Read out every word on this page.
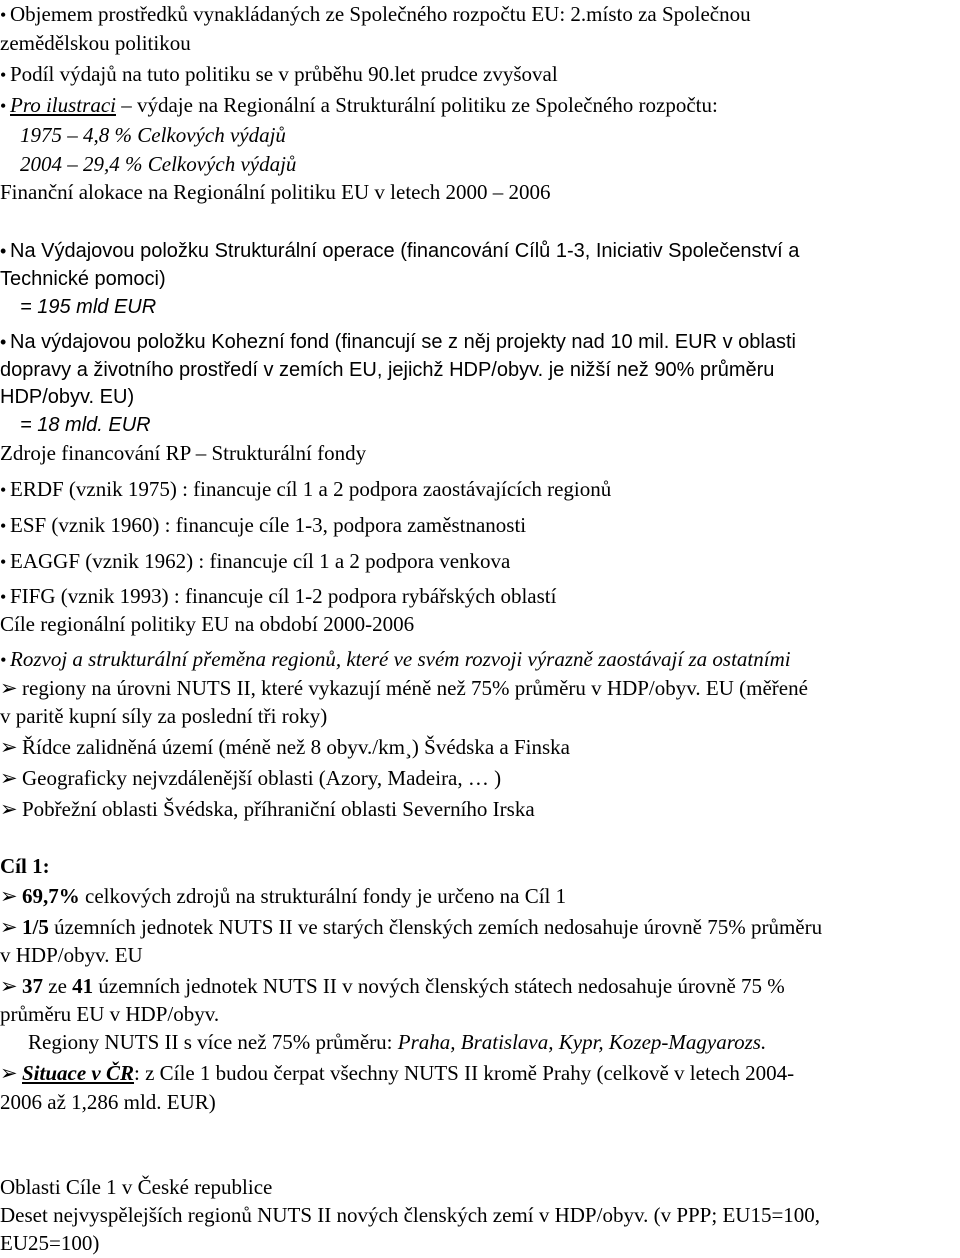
• Objemem prostředků vynakládaných ze Společného rozpočtu EU: 2.místo za Společnou
zemědělskou politikou
• Podíl výdajů na tuto politiku se v průběhu 90.let prudce zvyšoval
• Pro ilustraci – výdaje na Regionální a Strukturální politiku ze Společného rozpočtu:
1975 – 4,8 % Celkových výdajů
2004 – 29,4 % Celkových výdajů
Finanční alokace na Regionální politiku EU v letech 2000 – 2006
• Na Výdajovou položku Strukturální operace (financování Cílů 1-3, Iniciativ Společenství a
Technické pomoci)
= 195 mld EUR
• Na výdajovou položku Kohezní fond (financují se z něj projekty nad 10 mil. EUR v oblasti
dopravy a životního prostředí v zemích EU, jejichž HDP/obyv. je nižší než 90% průměru
HDP/obyv. EU)
= 18 mld. EUR
Zdroje financování RP – Strukturální fondy
• ERDF (vznik 1975) : financuje cíl 1 a 2 podpora zaostávajících regionů
• ESF (vznik 1960) : financuje cíle 1-3, podpora zaměstnanosti
• EAGGF (vznik 1962) : financuje cíl 1 a 2 podpora venkova
• FIFG (vznik 1993) : financuje cíl 1-2 podpora rybářských oblastí
Cíle regionální politiky EU na období 2000-2006
• Rozvoj a strukturální přeměna regionů, které ve svém rozvoji výrazně zaostávají za ostatními
➢ regiony na úrovni NUTS II, které vykazují méně než 75% průměru v HDP/obyv. EU (měřené
v paritě kupní síly za poslední tři roky)
➢ Řídce zalidněná území (méně než 8 obyv./km¸) Švédska a Finska
➢ Geograficky nejvzdálenější oblasti (Azory, Madeira, … )
➢ Pobřežní oblasti Švédska, příhraniční oblasti Severního Irska
Cíl 1:
➢ 69,7% celkových zdrojů na strukturální fondy je určeno na Cíl 1
➢ 1/5 územních jednotek NUTS II ve starých členských zemích nedosahuje úrovně 75% průměru
v HDP/obyv. EU
➢ 37 ze 41 územních jednotek NUTS II v nových členských státech nedosahuje úrovně 75 %
průměru EU v HDP/obyv.
Regiony NUTS II s více než 75% průměru: Praha, Bratislava, Kypr, Kozep-Magyarozs.
➢ Situace v ČR: z Cíle 1 budou čerpat všechny NUTS II kromě Prahy (celkově v letech 2004-
2006 až 1,286 mld. EUR)
Oblasti Cíle 1 v České republice
Deset nejvyspělejších regionů NUTS II nových členských zemí v HDP/obyv. (v PPP; EU15=100,
EU25=100)
